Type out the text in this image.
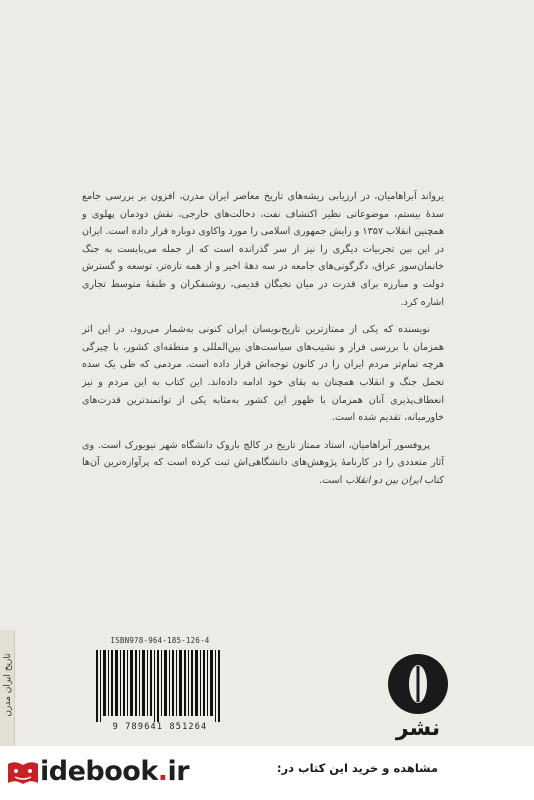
یرواند آبراهامیان، در ارزیابی ریشه‌های تاریخ معاصر ایران مدرن، افزون بر بررسی جامع سدهٔ بیستم، موضوعاتی نظیر اکتشاف نفت، دخالت‌های خارجی، نقش دودمان پهلوی و همچنین انقلاب ۱۳۵۷ و زایش جمهوری اسلامی را مورد واکاوی دوباره قرار داده است. ایران در این بین تجربیات دیگری را نیز از سر گذرانده است که از جمله می‌بایست به جنگ خانمان‌سوز عراق، دگرگونی‌های جامعه در سه دههٔ اخیر و از همه تازه‌تر، توسعه و گسترش دولت و مبارزه برای قدرت در میان نخبگان قدیمی، روشنفکران و طبقهٔ متوسط تجاری اشاره کرد.

نویسنده که یکی از ممتازترین تاریخ‌نویسان ایران کنونی به‌شمار می‌رود، در این اثر همزمان با بررسی فراز و نشیب‌های سیاست‌های بین‌المللی و منطقه‌ای کشور، با چیرگی هرچه تمام‌تر مردم ایران را در کانون توجه‌اش قرار داده است. مردمی که طی یک سده تحمل جنگ و انقلاب همچنان به بقای خود ادامه داده‌اند. این کتاب به این مردم و نیز انعطاف‌پذیری آنان همزمان با ظهور این کشور به‌مثابه یکی از توانمندترین قدرت‌های خاورمیانه، تقدیم شده است.

پروفسور آبراهامیان، استاد ممتاز تاریخ در کالج باروک دانشگاه شهر نیویورک است. وی آثار متعددی را در کارنامهٔ پژوهش‌های دانشگاهی‌اش ثبت کرده است که پرآوازه‌ترین آن‌ها کتاب ایران بین دو انقلاب است.

تاریخ ایران مدرن
ISBN978-964-185-126-4
9 789641 851264	نشر
idebook.ir	مشاهده و خرید این کتاب در:
